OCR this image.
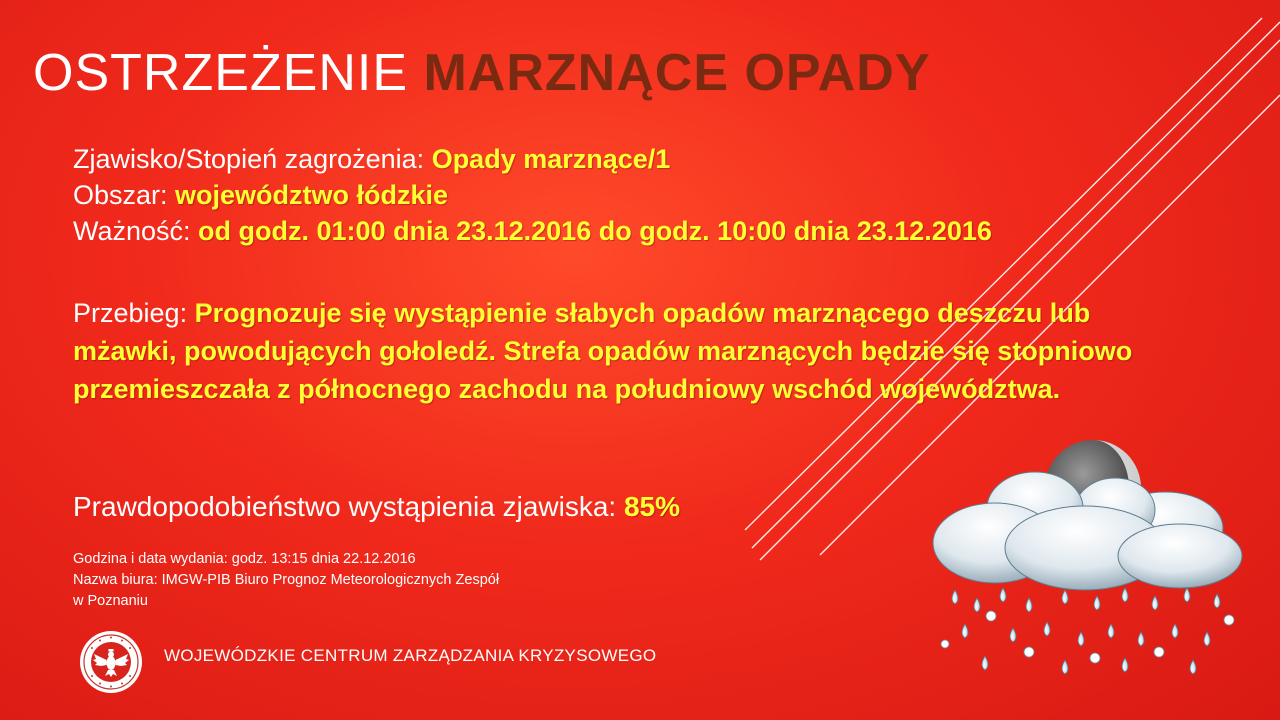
OSTRZEŻENIE MARZNĄCE OPADY
Zjawisko/Stopień zagrożenia: Opady marznące/1
Obszar: województwo łódzkie
Ważność: od godz. 01:00 dnia 23.12.2016 do godz. 10:00 dnia 23.12.2016
Przebieg: Prognozuje się wystąpienie słabych opadów marznącego deszczu lub mżawki, powodujących gołoledź. Strefa opadów marznących będzie się stopniowo przemieszczała z północnego zachodu na południowy wschód województwa.
Prawdopodobieństwo wystąpienia zjawiska: 85%
Godzina i data wydania: godz. 13:15 dnia 22.12.2016
Nazwa biura: IMGW-PIB Biuro Prognoz Meteorologicznych Zespół
w Poznaniu
WOJEWÓDZKIE CENTRUM ZARZĄDZANIA KRYZYSOWEGO
